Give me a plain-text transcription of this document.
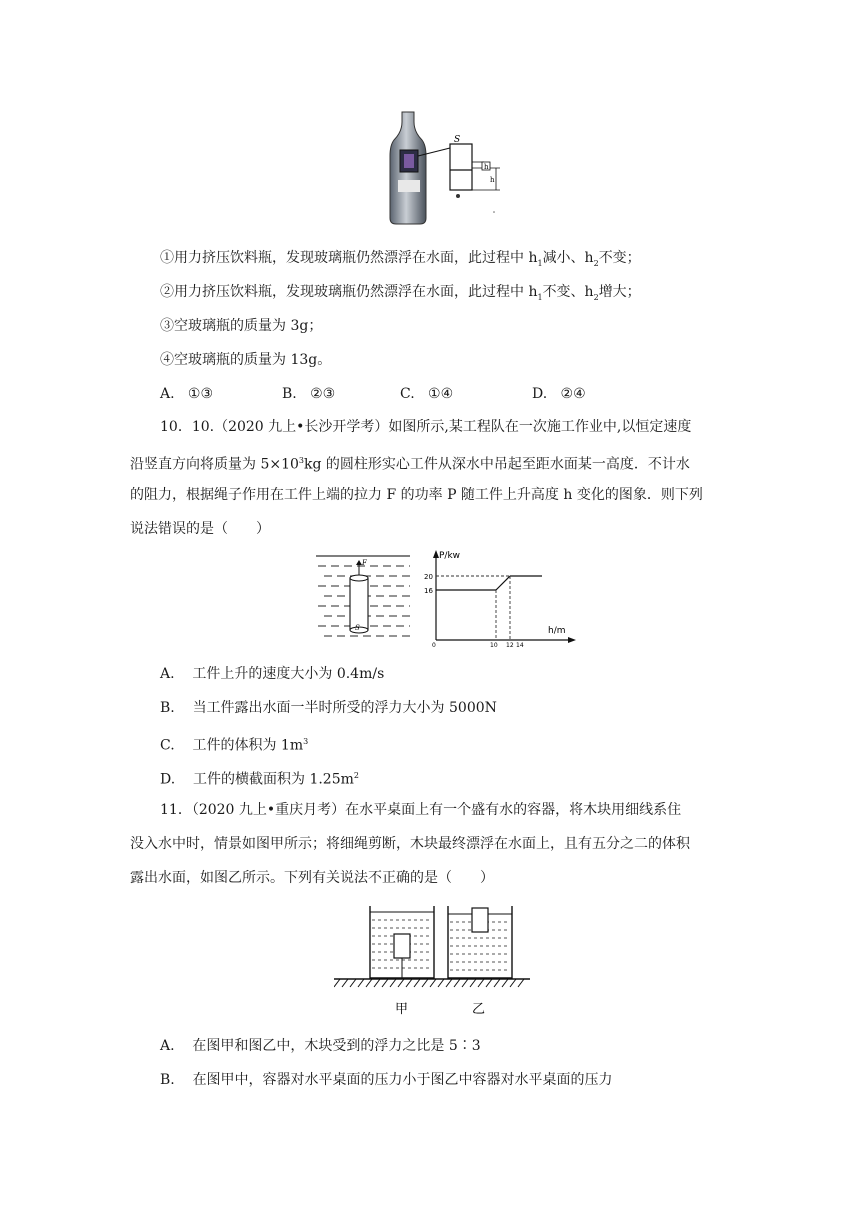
S
h
h
①用力挤压饮料瓶，发现玻璃瓶仍然漂浮在水面，此过程中 $h_1$减小、$h_2$不变；
②用力挤压饮料瓶，发现玻璃瓶仍然漂浮在水面，此过程中 $h_1$不变、$h_2$增大；
③空玻璃瓶的质量为 3g；
④空玻璃瓶的质量为 13g。
A. ①③	B. ②③	C. ①④	D. ②④
10．10.（2020 九上•长沙开学考）如图所示,某工程队在一次施工作业中,以恒定速度
沿竖直方向将质量为 $5\times 10^3kg$ 的圆柱形实心工件从深水中吊起至距水面某一高度．不计水
的阻力，根据绳子作用在工件上端的拉力 F 的功率 P 随工件上升高度 h 变化的图象．则下列
说法错误的是（　　）
F
S
P/kw
h/m
0
20
16
10 12 14
A. 工件上升的速度大小为 0.4m/s
B. 当工件露出水面一半时所受的浮力大小为 5000N
C. 工件的体积为 $1m^3$
D. 工件的横截面积为 $1.25m^2$
11．（2020 九上•重庆月考）在水平桌面上有一个盛有水的容器，将木块用细线系住
没入水中时，情景如图甲所示；将细绳剪断，木块最终漂浮在水面上，且有五分之二的体积
露出水面，如图乙所示。下列有关说法不正确的是（　　）
甲	乙
A. 在图甲和图乙中，木块受到的浮力之比是 5∶3
B. 在图甲中，容器对水平桌面的压力小于图乙中容器对水平桌面的压力
